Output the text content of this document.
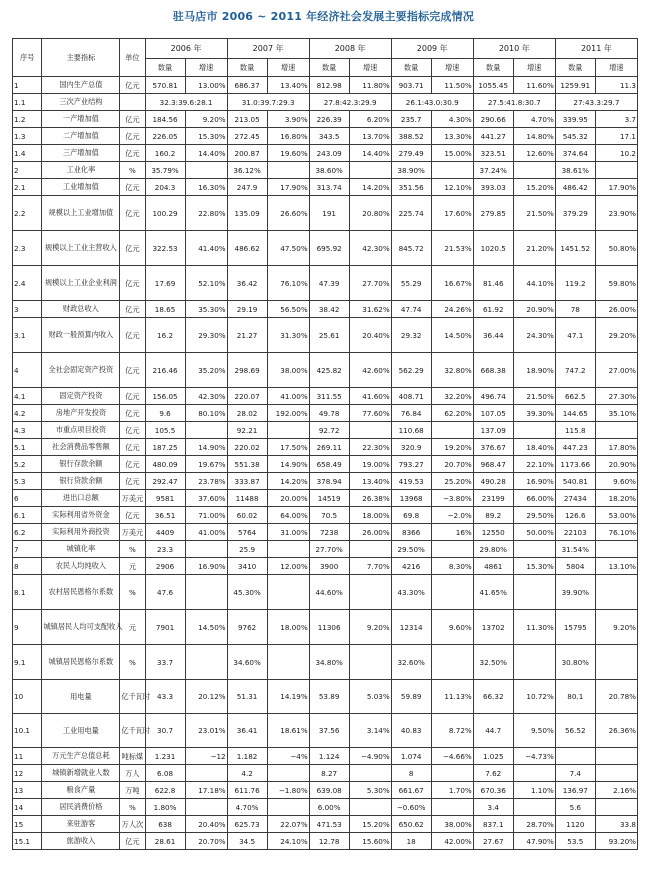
驻马店市 2006 ~ 2011 年经济社会发展主要指标完成情况
序号	主要指标	单位	2006 年		2007 年		2008 年		2009 年		2010 年		2011 年	
			数量	增速	数量	增速	数量	增速	数量	增速	数量	增速	数量	增速
1	国内生产总值	亿元	570.81	13.00%	686.37	13.40%	812.98	11.80%	903.71	11.50%	1055.45	11.60%	1259.91	11.3
1.1	三次产业结构		32.3:39.6:28.1		31.0:39.7:29.3		27.8:42.3:29.9		26.1:43.0:30.9		27.5:41.8:30.7		27:43.3:29.7	
1.2	一产增加值	亿元	184.56	9.20%	213.05	3.90%	226.39	6.20%	235.7	4.30%	290.66	4.70%	339.95	3.7
1.3	二产增加值	亿元	226.05	15.30%	272.45	16.80%	343.5	13.70%	388.52	13.30%	441.27	14.80%	545.32	17.1
1.4	三产增加值	亿元	160.2	14.40%	200.87	19.60%	243.09	14.40%	279.49	15.00%	323.51	12.60%	374.64	10.2
2	工业化率	%	35.79%		36.12%		38.60%		38.90%		37.24%		38.61%	
2.1	工业增加值	亿元	204.3	16.30%	247.9	17.90%	313.74	14.20%	351.56	12.10%	393.03	15.20%	486.42	17.90%
2.2	规模以上工业增加值	亿元	100.29	22.80%	135.09	26.60%	191	20.80%	225.74	17.60%	279.85	21.50%	379.29	23.90%
2.3	规模以上工业主营收入	亿元	322.53	41.40%	486.62	47.50%	695.92	42.30%	845.72	21.53%	1020.5	21.20%	1451.52	50.80%
2.4	规模以上工业企业利润	亿元	17.69	52.10%	36.42	76.10%	47.39	27.70%	55.29	16.67%	81.46	44.10%	119.2	59.80%
3	财政总收入	亿元	18.65	35.30%	29.19	56.50%	38.42	31.62%	47.74	24.26%	61.92	20.90%	78	26.00%
3.1	财政一般预算内收入	亿元	16.2	29.30%	21.27	31.30%	25.61	20.40%	29.32	14.50%	36.44	24.30%	47.1	29.20%
4	全社会固定资产投资	亿元	216.46	35.20%	298.69	38.00%	425.82	42.60%	562.29	32.80%	668.38	18.90%	747.2	27.00%
4.1	固定资产投资	亿元	156.05	42.30%	220.07	41.00%	311.55	41.60%	408.71	32.20%	496.74	21.50%	662.5	27.30%
4.2	房地产开发投资	亿元	9.6	80.10%	28.02	192.00%	49.78	77.60%	76.84	62.20%	107.05	39.30%	144.65	35.10%
4.3	市重点项目投资	亿元	105.5		92.21		92.72		110.68		137.09		115.8	
5.1	社会消费品零售额	亿元	187.25	14.90%	220.02	17.50%	269.11	22.30%	320.9	19.20%	376.67	18.40%	447.23	17.80%
5.2	银行存款余额	亿元	480.09	19.67%	551.38	14.90%	658.49	19.00%	793.27	20.70%	968.47	22.10%	1173.66	20.90%
5.3	银行贷款余额	亿元	292.47	23.78%	333.87	14.20%	378.94	13.40%	419.53	25.20%	490.28	16.90%	540.81	9.60%
6	进出口总额	万美元	9581	37.60%	11488	20.00%	14519	26.38%	13968	−3.80%	23199	66.00%	27434	18.20%
6.1	实际利用省外资金	亿元	36.51	71.00%	60.02	64.00%	70.5	18.00%	69.8	−2.0%	89.2	29.50%	126.6	53.00%
6.2	实际利用外商投资	万美元	4409	41.00%	5764	31.00%	7238	26.00%	8366	16%	12550	50.00%	22103	76.10%
7	城镇化率	%	23.3		25.9		27.70%		29.50%		29.80%		31.54%	
8	农民人均纯收入	元	2906	16.90%	3410	12.00%	3900	7.70%	4216	8.30%	4861	15.30%	5804	13.10%
8.1	农村居民恩格尔系数	%	47.6		45.30%		44.60%		43.30%		41.65%		39.90%	
9	城镇居民人均可支配收入	元	7901	14.50%	9762	18.00%	11306	9.20%	12314	9.60%	13702	11.30%	15795	9.20%
9.1	城镇居民恩格尔系数	%	33.7		34.60%		34.80%		32.60%		32.50%		30.80%	
10	用电量	亿千瓦时	43.3	20.12%	51.31	14.19%	53.89	5.03%	59.89	11.13%	66.32	10.72%	80.1	20.78%
10.1	工业用电量	亿千瓦时	30.7	23.01%	36.41	18.61%	37.56	3.14%	40.83	8.72%	44.7	9.50%	56.52	26.36%
11	万元生产总值总耗	吨标煤	1.231	−12	1.182	−4%	1.124	−4.90%	1.074	−4.66%	1.025	−4.73%		
12	城镇新增就业人数	万人	6.08		4.2		8.27		8		7.62		7.4	
13	粮食产量	万吨	622.8	17.18%	611.76	−1.80%	639.08	5.30%	661.67	1.70%	670.36	1.10%	136.97	2.16%
14	居民消费价格	%	1.80%		4.70%		6.00%		−0.60%		3.4		5.6	
15	来驻游客	万人次	638	20.40%	625.73	22.07%	471.53	15.20%	650.62	38.00%	837.1	28.70%	1120	33.8
15.1	旅游收入	亿元	28.61	20.70%	34.5	24.10%	12.78	15.60%	18	42.00%	27.67	47.90%	53.5	93.20%
